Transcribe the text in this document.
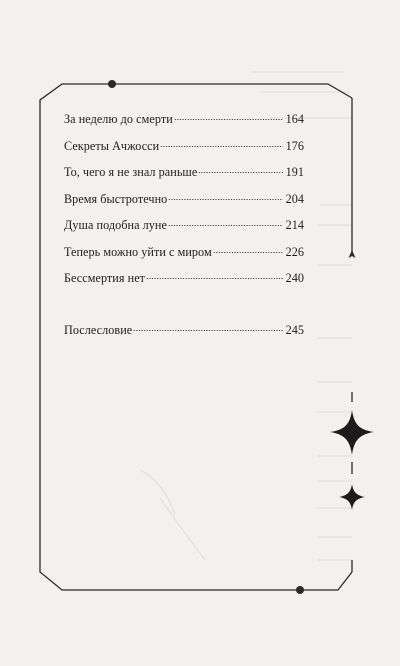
За неделю до смерти	164
Секреты Ачжосси	176
То, чего я не знал раньше	191
Время быстротечно	204
Душа подобна луне	214
Теперь можно уйти с миром	226
Бессмертия нет	240
Послесловие	245
